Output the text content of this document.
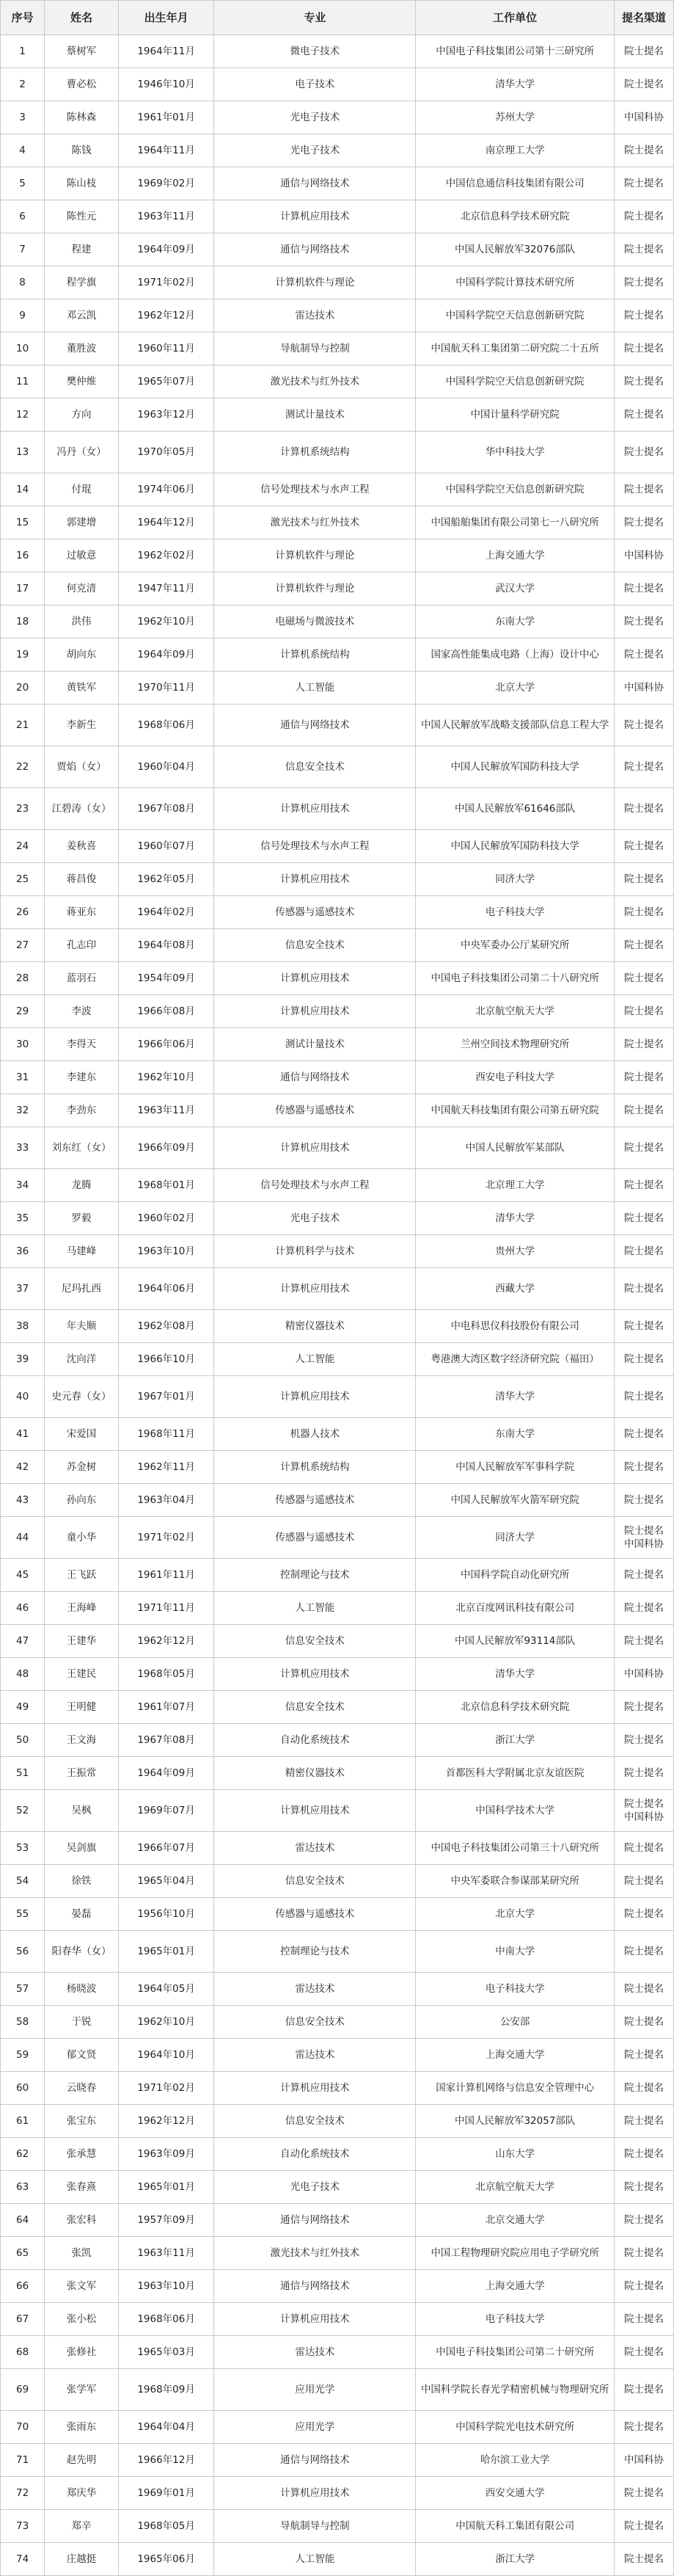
序号	姓名	出生年月	专业	工作单位	提名渠道
1	蔡树军	1964年11月	微电子技术	中国电子科技集团公司第十三研究所	院士提名

2	曹必松	1946年10月	电子技术	清华大学	院士提名

3	陈林森	1961年01月	光电子技术	苏州大学	中国科协

4	陈钱	1964年11月	光电子技术	南京理工大学	院士提名

5	陈山枝	1969年02月	通信与网络技术	中国信息通信科技集团有限公司	院士提名

6	陈性元	1963年11月	计算机应用技术	北京信息科学技术研究院	院士提名

7	程建	1964年09月	通信与网络技术	中国人民解放军32076部队	院士提名

8	程学旗	1971年02月	计算机软件与理论	中国科学院计算技术研究所	院士提名

9	邓云凯	1962年12月	雷达技术	中国科学院空天信息创新研究院	院士提名

10	董胜波	1960年11月	导航制导与控制	中国航天科工集团第二研究院二十五所	院士提名

11	樊仲维	1965年07月	激光技术与红外技术	中国科学院空天信息创新研究院	院士提名

12	方向	1963年12月	测试计量技术	中国计量科学研究院	院士提名

13	冯丹（女）	1970年05月	计算机系统结构	华中科技大学	院士提名

14	付琨	1974年06月	信号处理技术与水声工程	中国科学院空天信息创新研究院	院士提名

15	郭建增	1964年12月	激光技术与红外技术	中国船舶集团有限公司第七一八研究所	院士提名

16	过敏意	1962年02月	计算机软件与理论	上海交通大学	中国科协

17	何克清	1947年11月	计算机软件与理论	武汉大学	院士提名

18	洪伟	1962年10月	电磁场与微波技术	东南大学	院士提名

19	胡向东	1964年09月	计算机系统结构	国家高性能集成电路（上海）设计中心	院士提名

20	黄铁军	1970年11月	人工智能	北京大学	中国科协

21	李新生	1968年06月	通信与网络技术	中国人民解放军战略支援部队信息工程大学	院士提名

22	贾焰（女）	1960年04月	信息安全技术	中国人民解放军国防科技大学	院士提名

23	江碧涛（女）	1967年08月	计算机应用技术	中国人民解放军61646部队	院士提名

24	姜秋喜	1960年07月	信号处理技术与水声工程	中国人民解放军国防科技大学	院士提名

25	蒋昌俊	1962年05月	计算机应用技术	同济大学	院士提名

26	蒋亚东	1964年02月	传感器与遥感技术	电子科技大学	院士提名

27	孔志印	1964年08月	信息安全技术	中央军委办公厅某研究所	院士提名

28	蓝羽石	1954年09月	计算机应用技术	中国电子科技集团公司第二十八研究所	院士提名

29	李波	1966年08月	计算机应用技术	北京航空航天大学	院士提名

30	李得天	1966年06月	测试计量技术	兰州空间技术物理研究所	院士提名

31	李建东	1962年10月	通信与网络技术	西安电子科技大学	院士提名

32	李劲东	1963年11月	传感器与遥感技术	中国航天科技集团有限公司第五研究院	院士提名

33	刘东红（女）	1966年09月	计算机应用技术	中国人民解放军某部队	院士提名

34	龙腾	1968年01月	信号处理技术与水声工程	北京理工大学	院士提名

35	罗毅	1960年02月	光电子技术	清华大学	院士提名

36	马建峰	1963年10月	计算机科学与技术	贵州大学	院士提名

37	尼玛扎西	1964年06月	计算机应用技术	西藏大学	院士提名

38	年夫顺	1962年08月	精密仪器技术	中电科思仪科技股份有限公司	院士提名

39	沈向洋	1966年10月	人工智能	粤港澳大湾区数字经济研究院（福田）	院士提名

40	史元春（女）	1967年01月	计算机应用技术	清华大学	院士提名

41	宋爱国	1968年11月	机器人技术	东南大学	院士提名

42	苏金树	1962年11月	计算机系统结构	中国人民解放军军事科学院	院士提名

43	孙向东	1963年04月	传感器与遥感技术	中国人民解放军火箭军研究院	院士提名

44	童小华	1971年02月	传感器与遥感技术	同济大学	院士提名
中国科协

45	王飞跃	1961年11月	控制理论与技术	中国科学院自动化研究所	院士提名

46	王海峰	1971年11月	人工智能	北京百度网讯科技有限公司	院士提名

47	王建华	1962年12月	信息安全技术	中国人民解放军93114部队	院士提名

48	王建民	1968年05月	计算机应用技术	清华大学	中国科协

49	王明健	1961年07月	信息安全技术	北京信息科学技术研究院	院士提名

50	王文海	1967年08月	自动化系统技术	浙江大学	院士提名

51	王振常	1964年09月	精密仪器技术	首都医科大学附属北京友谊医院	院士提名

52	吴枫	1969年07月	计算机应用技术	中国科学技术大学	院士提名
中国科协

53	吴剑旗	1966年07月	雷达技术	中国电子科技集团公司第三十八研究所	院士提名

54	徐铁	1965年04月	信息安全技术	中央军委联合参谋部某研究所	院士提名

55	晏磊	1956年10月	传感器与遥感技术	北京大学	院士提名

56	阳春华（女）	1965年01月	控制理论与技术	中南大学	院士提名

57	杨晓波	1964年05月	雷达技术	电子科技大学	院士提名

58	于锐	1962年10月	信息安全技术	公安部	院士提名

59	郁文贤	1964年10月	雷达技术	上海交通大学	院士提名

60	云晓春	1971年02月	计算机应用技术	国家计算机网络与信息安全管理中心	院士提名

61	张宝东	1962年12月	信息安全技术	中国人民解放军32057部队	院士提名

62	张承慧	1963年09月	自动化系统技术	山东大学	院士提名

63	张春熹	1965年01月	光电子技术	北京航空航天大学	院士提名

64	张宏科	1957年09月	通信与网络技术	北京交通大学	院士提名

65	张凯	1963年11月	激光技术与红外技术	中国工程物理研究院应用电子学研究所	院士提名

66	张文军	1963年10月	通信与网络技术	上海交通大学	院士提名

67	张小松	1968年06月	计算机应用技术	电子科技大学	院士提名

68	张修社	1965年03月	雷达技术	中国电子科技集团公司第二十研究所	院士提名

69	张学军	1968年09月	应用光学	中国科学院长春光学精密机械与物理研究所	院士提名

70	张雨东	1964年04月	应用光学	中国科学院光电技术研究所	院士提名

71	赵先明	1966年12月	通信与网络技术	哈尔滨工业大学	中国科协

72	郑庆华	1969年01月	计算机应用技术	西安交通大学	院士提名

73	郑辛	1968年05月	导航制导与控制	中国航天科工集团有限公司	院士提名

74	庄越挺	1965年06月	人工智能	浙江大学	院士提名
